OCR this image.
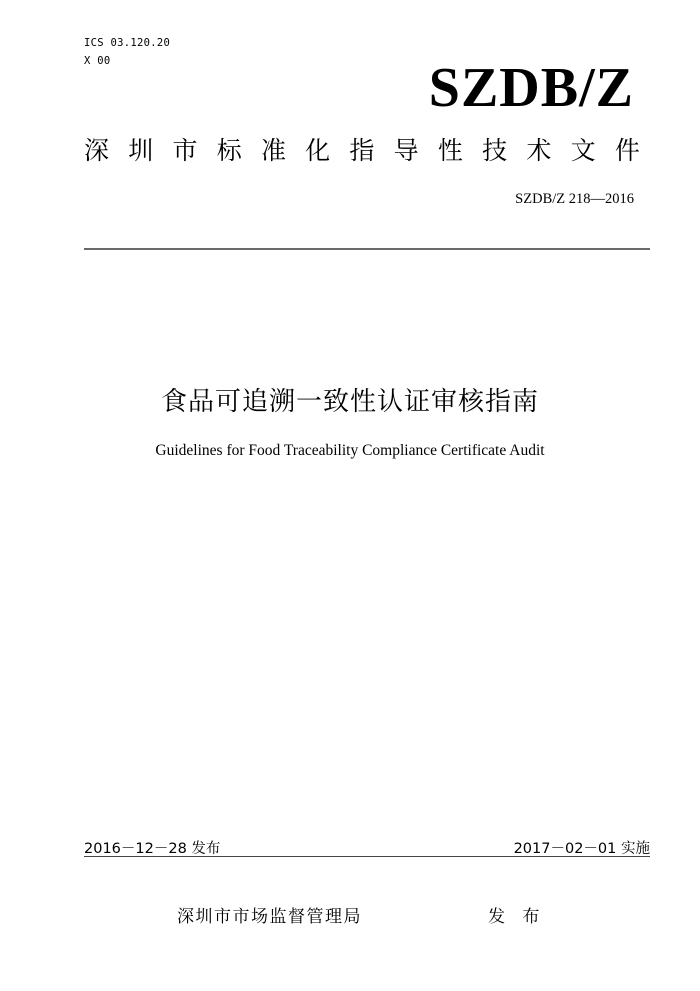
ICS 03.120.20
X 00	SZDB/Z
深 圳 市 标 准 化 指 导 性 技 术 文 件
SZDB/Z 218—2016
食品可追溯一致性认证审核指南
Guidelines for Food Traceability Compliance Certificate Audit
2016－12－28 发布	2017－02－01 实施
深圳市市场监督管理局	发 布
